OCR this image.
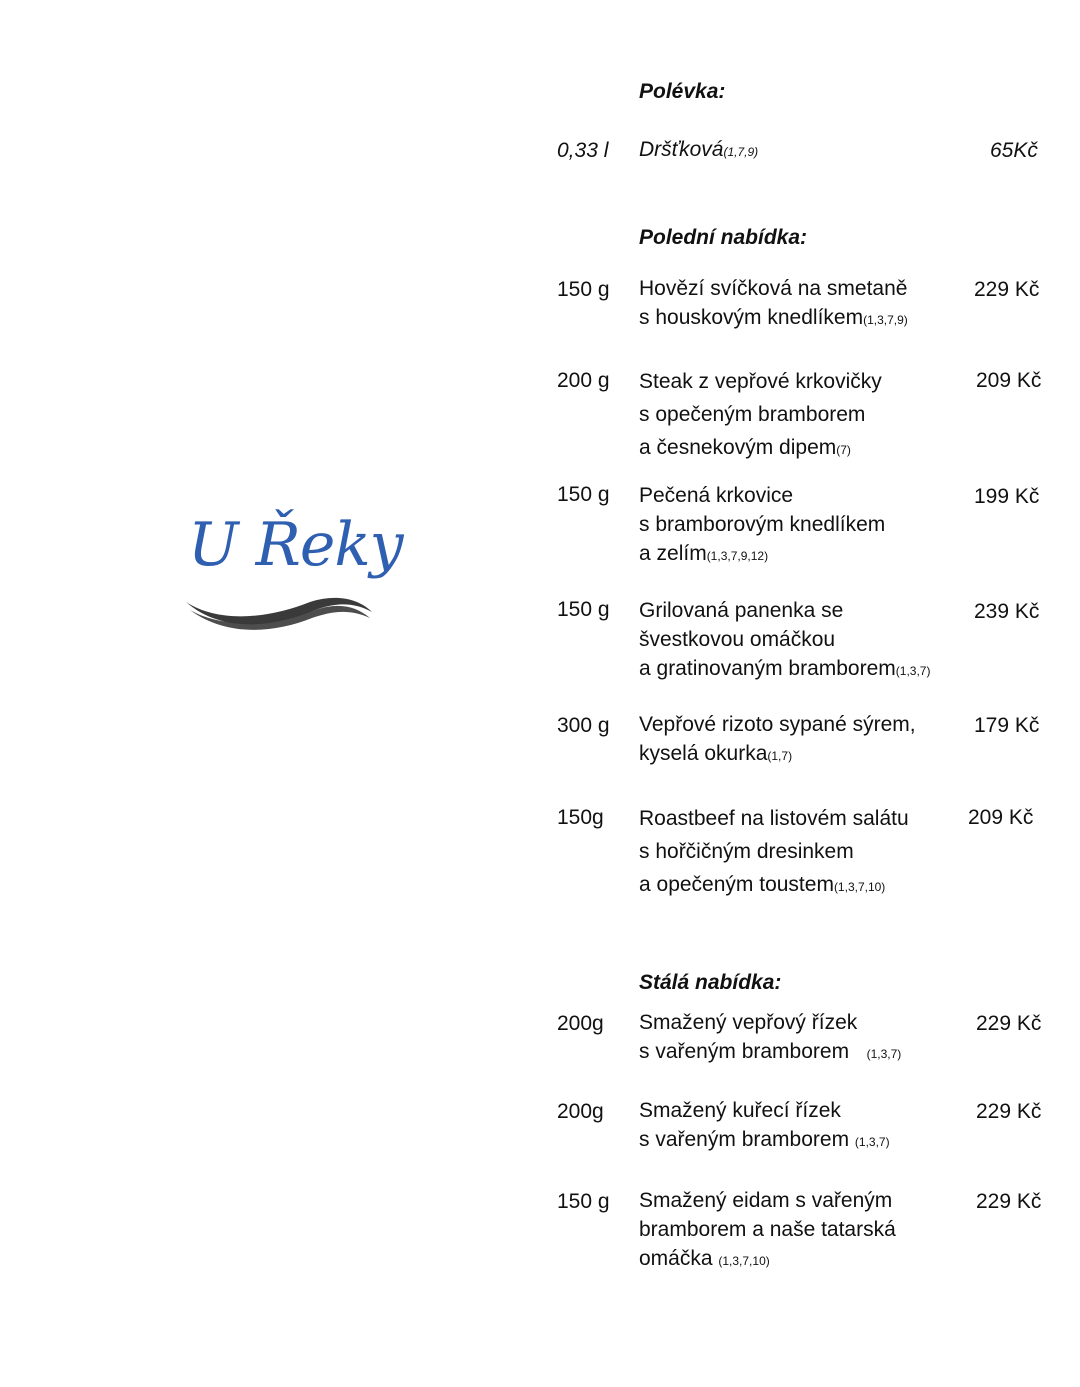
U Řeky
Polévka:
0,33 l Dršťková(1,7,9)	65Kč
Polední nabídka:
150 g Hovězí svíčková na smetaně
s houskovým knedlíkem(1,3,7,9)
229 Kč
200 g Steak z vepřové krkovičky
s opečeným bramborem
a česnekovým dipem(7)
209 Kč
150 g Pečená krkovice
s bramborovým knedlíkem
a zelím(1,3,7,9,12)
199 Kč
150 g Grilovaná panenka se
švestkovou omáčkou
a gratinovaným bramborem(1,3,7)
239 Kč
300 g Vepřové rizoto sypané sýrem,
kyselá okurka(1,7)
179 Kč
150g Roastbeef na listovém salátu
s hořčičným dresinkem
a opečeným toustem(1,3,7,10)
209 Kč
Stálá nabídka:
200g Smažený vepřový řízek
s vařeným bramborem (1,3,7)
229 Kč
200g Smažený kuřecí řízek
s vařeným bramborem (1,3,7)
229 Kč
150 g Smažený eidam s vařeným
bramborem a naše tatarská
omáčka (1,3,7,10)
229 Kč
